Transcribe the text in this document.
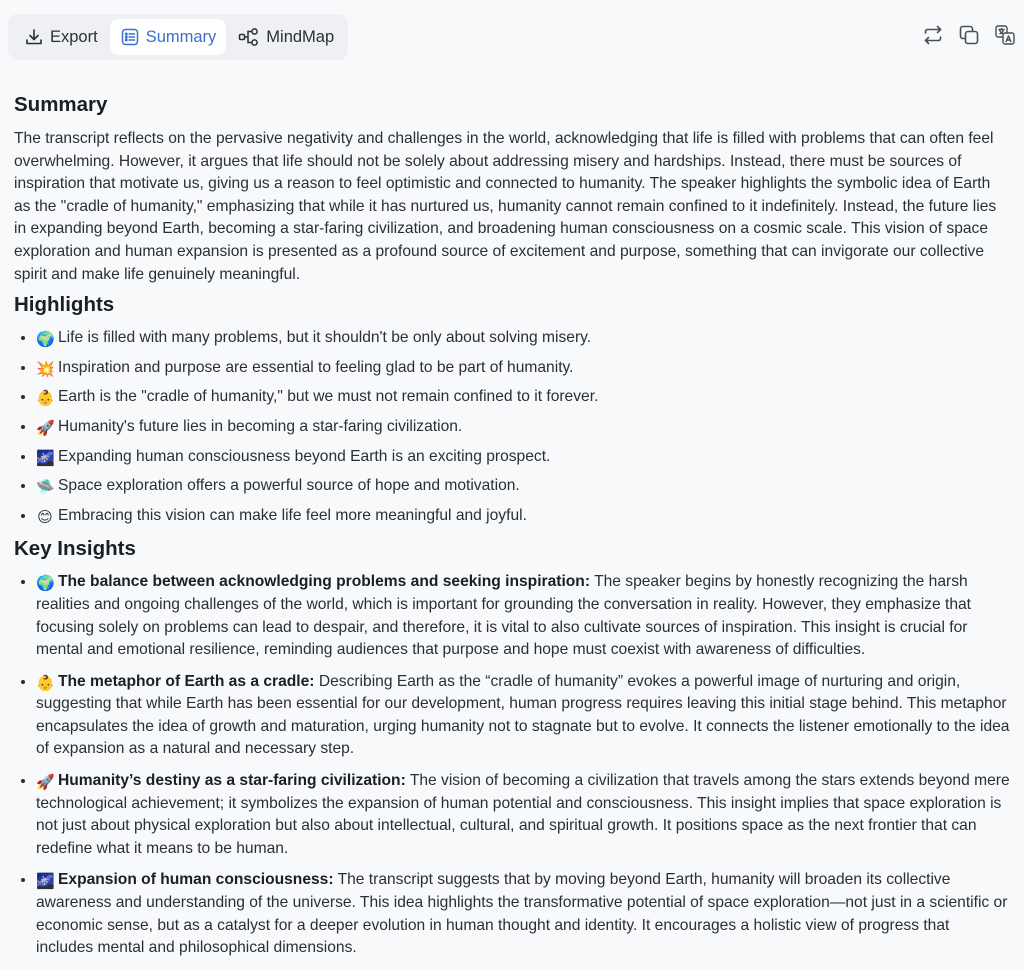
Export	Summary	MindMap
Summary

The transcript reflects on the pervasive negativity and challenges in the world, acknowledging that life is filled with problems that can often feel overwhelming. However, it argues that life should not be solely about addressing misery and hardships. Instead, there must be sources of inspiration that motivate us, giving us a reason to feel optimistic and connected to humanity. The speaker highlights the symbolic idea of Earth as the "cradle of humanity," emphasizing that while it has nurtured us, humanity cannot remain confined to it indefinitely. Instead, the future lies in expanding beyond Earth, becoming a star-faring civilization, and broadening human consciousness on a cosmic scale. This vision of space exploration and human expansion is presented as a profound source of excitement and purpose, something that can invigorate our collective spirit and make life genuinely meaningful.

Highlights
• 🌍 Life is filled with many problems, but it shouldn't be only about solving misery.
• 💥 Inspiration and purpose are essential to feeling glad to be part of humanity.
• 👶 Earth is the "cradle of humanity," but we must not remain confined to it forever.
• 🚀 Humanity's future lies in becoming a star-faring civilization.
• 🌌 Expanding human consciousness beyond Earth is an exciting prospect.
• 🛸 Space exploration offers a powerful source of hope and motivation.
• 😊 Embracing this vision can make life feel more meaningful and joyful.
Key Insights
• 🌍 The balance between acknowledging problems and seeking inspiration: The speaker begins by honestly recognizing the harsh realities and ongoing challenges of the world, which is important for grounding the conversation in reality. However, they emphasize that focusing solely on problems can lead to despair, and therefore, it is vital to also cultivate sources of inspiration. This insight is crucial for mental and emotional resilience, reminding audiences that purpose and hope must coexist with awareness of difficulties.
• 👶 The metaphor of Earth as a cradle: Describing Earth as the “cradle of humanity” evokes a powerful image of nurturing and origin, suggesting that while Earth has been essential for our development, human progress requires leaving this initial stage behind. This metaphor encapsulates the idea of growth and maturation, urging humanity not to stagnate but to evolve. It connects the listener emotionally to the idea of expansion as a natural and necessary step.
• 🚀 Humanity’s destiny as a star-faring civilization: The vision of becoming a civilization that travels among the stars extends beyond mere technological achievement; it symbolizes the expansion of human potential and consciousness. This insight implies that space exploration is not just about physical exploration but also about intellectual, cultural, and spiritual growth. It positions space as the next frontier that can redefine what it means to be human.
• 🌌 Expansion of human consciousness: The transcript suggests that by moving beyond Earth, humanity will broaden its collective awareness and understanding of the universe. This idea highlights the transformative potential of space exploration—not just in a scientific or economic sense, but as a catalyst for a deeper evolution in human thought and identity. It encourages a holistic view of progress that includes mental and philosophical dimensions.
